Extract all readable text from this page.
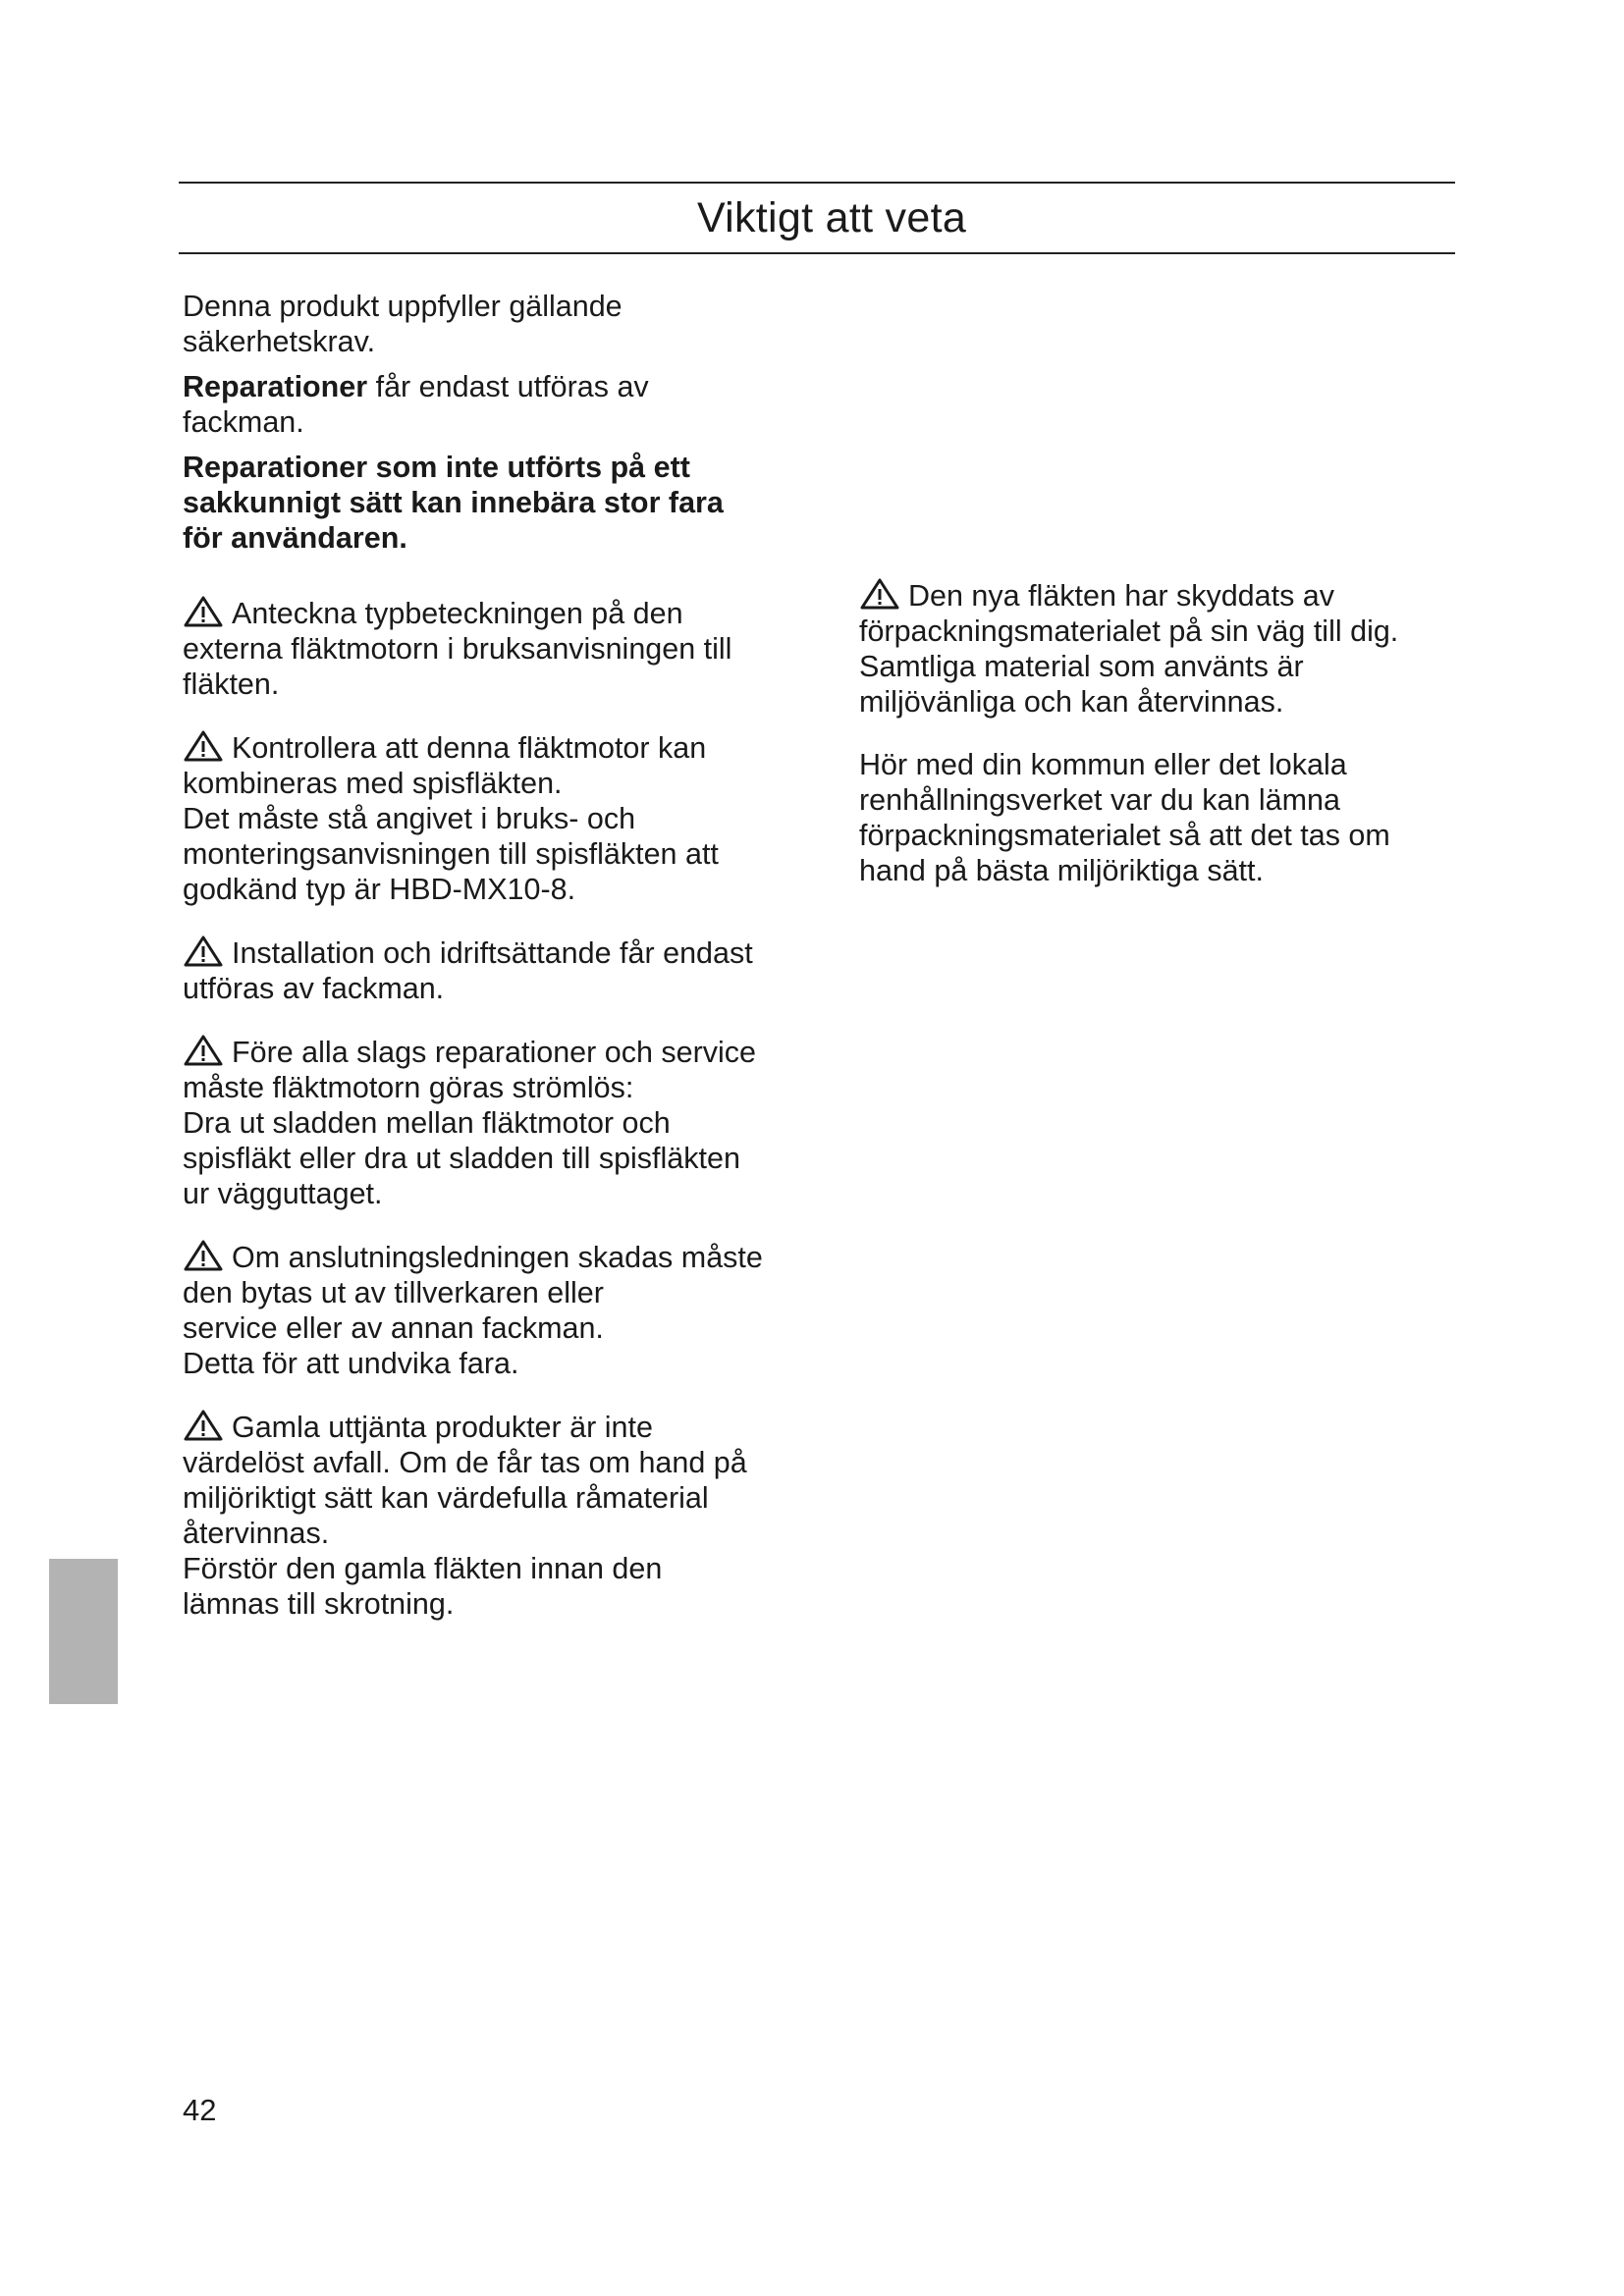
Viktigt att veta
Denna produkt uppfyller gällande
säkerhetskrav.
Reparationer får endast utföras av
fackman.
Reparationer som inte utförts på ett
sakkunnigt sätt kan innebära stor fara
för användaren.
Anteckna typbeteckningen på den
externa fläktmotorn i bruksanvisningen till
fläkten.
Kontrollera att denna fläktmotor kan
kombineras med spisfläkten.
Det måste stå angivet i bruks- och
monteringsanvisningen till spisfläkten att
godkänd typ är HBD-MX10-8.
Installation och idriftsättande får endast
utföras av fackman.
Före alla slags reparationer och service
måste fläktmotorn göras strömlös:
Dra ut sladden mellan fläktmotor och
spisfläkt eller dra ut sladden till spisfläkten
ur vägguttaget.
Om anslutningsledningen skadas måste
den bytas ut av tillverkaren eller
service eller av annan fackman.
Detta för att undvika fara.
Gamla uttjänta produkter är inte
värdelöst avfall. Om de får tas om hand på
miljöriktigt sätt kan värdefulla råmaterial
återvinnas.
Förstör den gamla fläkten innan den
lämnas till skrotning.
Den nya fläkten har skyddats av
förpackningsmaterialet på sin väg till dig.
Samtliga material som använts är
miljövänliga och kan återvinnas.
Hör med din kommun eller det lokala
renhållningsverket var du kan lämna
förpackningsmaterialet så att det tas om
hand på bästa miljöriktiga sätt.
42
